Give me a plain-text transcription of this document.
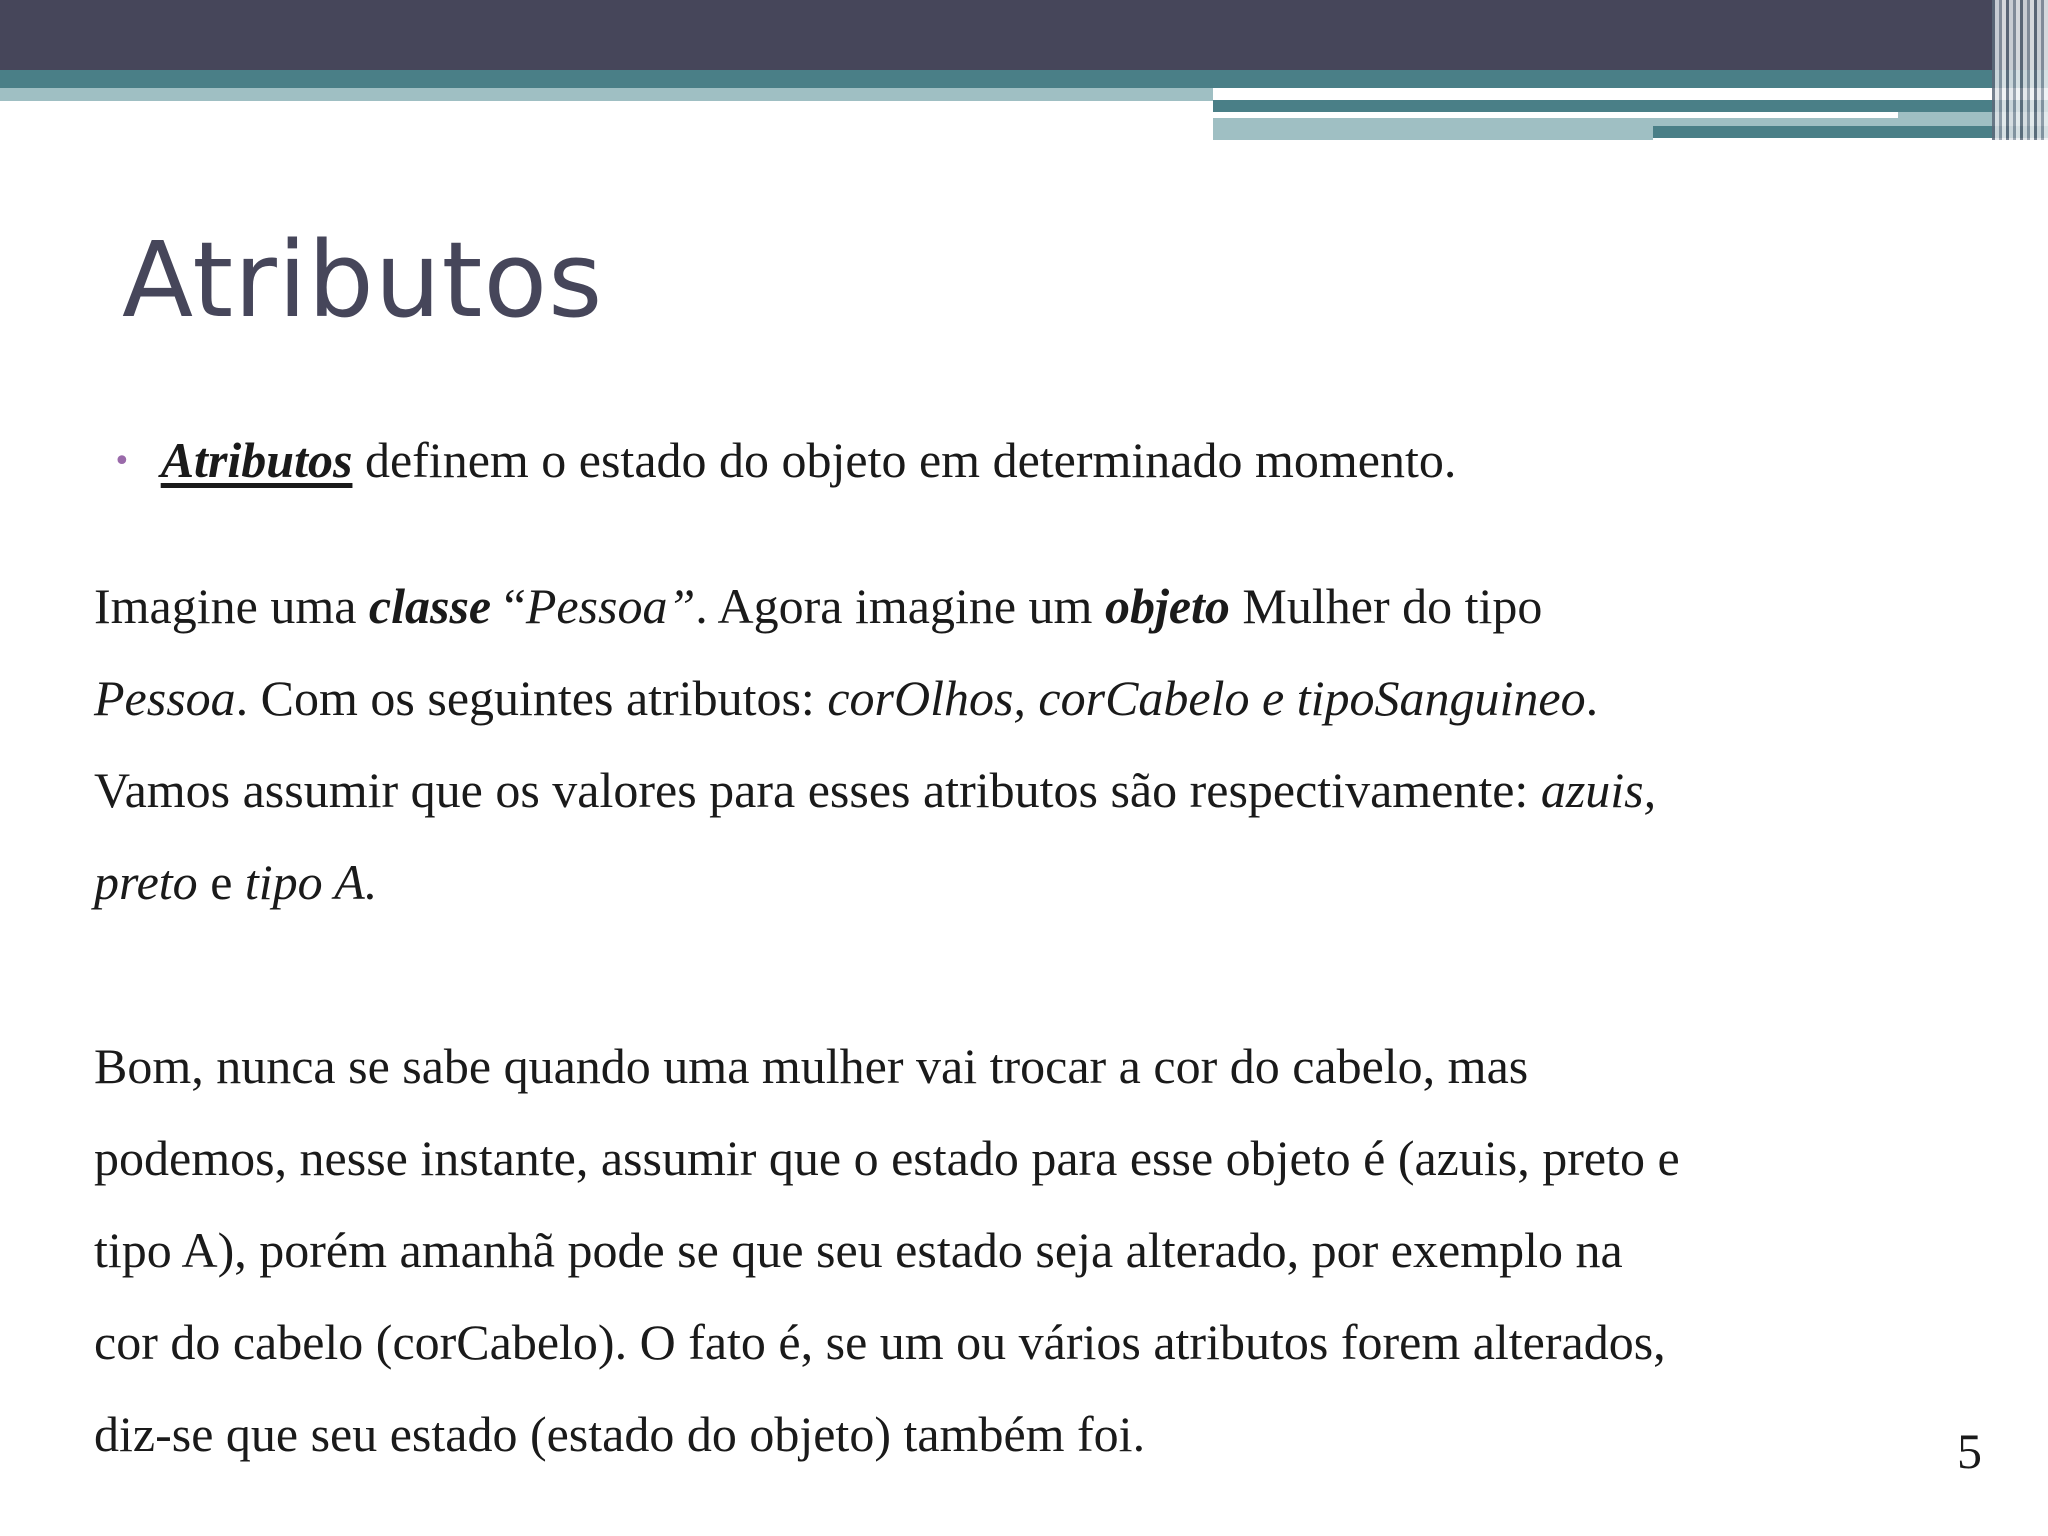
Atributos
• Atributos definem o estado do objeto em determinado momento.

Imagine uma classe “Pessoa”. Agora imagine um objeto Mulher do tipo
Pessoa. Com os seguintes atributos: corOlhos, corCabelo e tipoSanguineo.
Vamos assumir que os valores para esses atributos são respectivamente: azuis,
preto e tipo A.

Bom, nunca se sabe quando uma mulher vai trocar a cor do cabelo, mas
podemos, nesse instante, assumir que o estado para esse objeto é (azuis, preto e
tipo A), porém amanhã pode se que seu estado seja alterado, por exemplo na
cor do cabelo (corCabelo). O fato é, se um ou vários atributos forem alterados,
diz-se que seu estado (estado do objeto) também foi.	5
